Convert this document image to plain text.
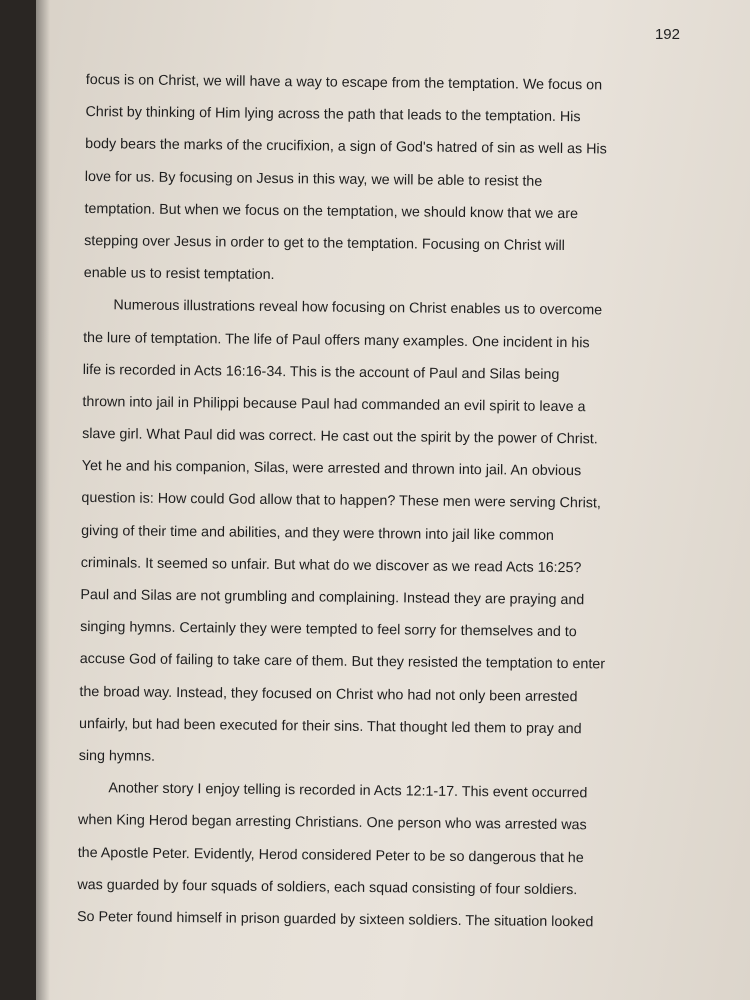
192
focus is on Christ, we will have a way to escape from the temptation. We focus on
Christ by thinking of Him lying across the path that leads to the temptation. His
body bears the marks of the crucifixion, a sign of God's hatred of sin as well as His
love for us. By focusing on Jesus in this way, we will be able to resist the
temptation. But when we focus on the temptation, we should know that we are
stepping over Jesus in order to get to the temptation. Focusing on Christ will
enable us to resist temptation.
Numerous illustrations reveal how focusing on Christ enables us to overcome
the lure of temptation. The life of Paul offers many examples. One incident in his
life is recorded in Acts 16:16-34. This is the account of Paul and Silas being
thrown into jail in Philippi because Paul had commanded an evil spirit to leave a
slave girl. What Paul did was correct. He cast out the spirit by the power of Christ.
Yet he and his companion, Silas, were arrested and thrown into jail. An obvious
question is: How could God allow that to happen? These men were serving Christ,
giving of their time and abilities, and they were thrown into jail like common
criminals. It seemed so unfair. But what do we discover as we read Acts 16:25?
Paul and Silas are not grumbling and complaining. Instead they are praying and
singing hymns. Certainly they were tempted to feel sorry for themselves and to
accuse God of failing to take care of them. But they resisted the temptation to enter
the broad way. Instead, they focused on Christ who had not only been arrested
unfairly, but had been executed for their sins. That thought led them to pray and
sing hymns.
Another story I enjoy telling is recorded in Acts 12:1-17. This event occurred
when King Herod began arresting Christians. One person who was arrested was
the Apostle Peter. Evidently, Herod considered Peter to be so dangerous that he
was guarded by four squads of soldiers, each squad consisting of four soldiers.
So Peter found himself in prison guarded by sixteen soldiers. The situation looked
